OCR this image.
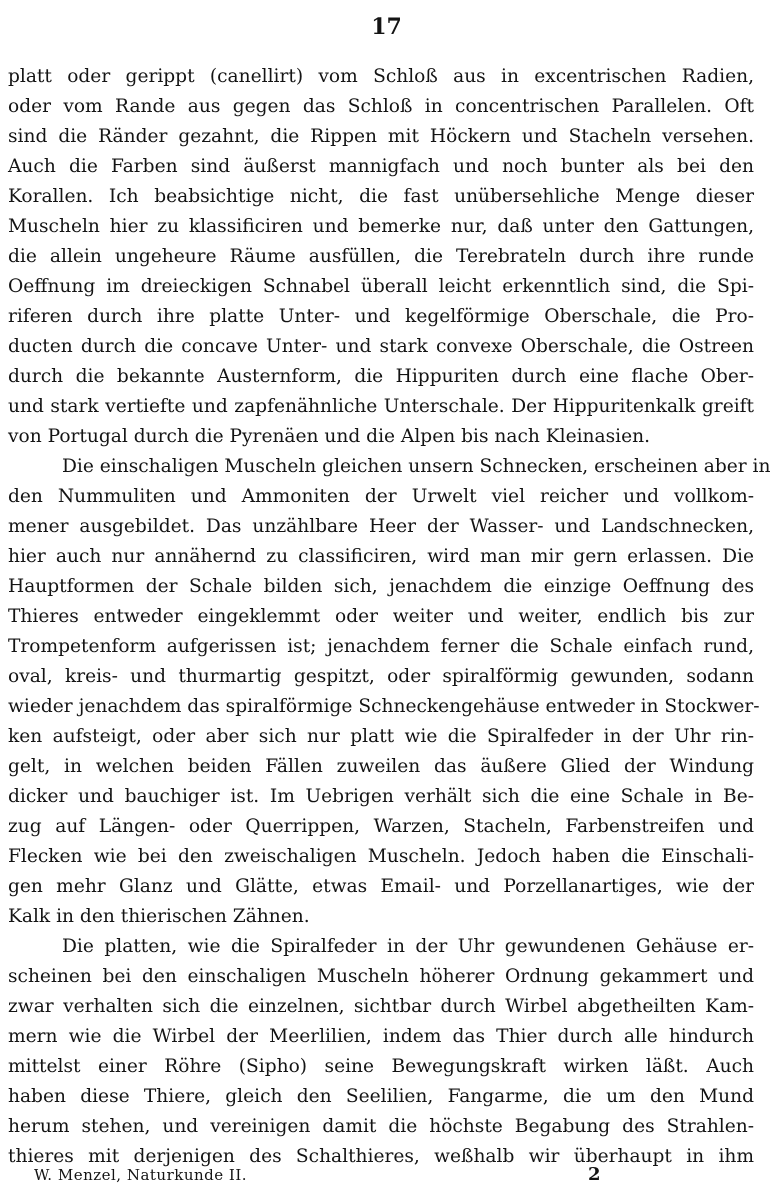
17
platt oder gerippt (canellirt) vom Schloß aus in excentrischen Radien,
oder vom Rande aus gegen das Schloß in concentrischen Parallelen. Oft
sind die Ränder gezahnt, die Rippen mit Höckern und Stacheln versehen.
Auch die Farben sind äußerst mannigfach und noch bunter als bei den
Korallen. Ich beabsichtige nicht, die fast unübersehliche Menge dieser
Muscheln hier zu klassificiren und bemerke nur, daß unter den Gattungen,
die allein ungeheure Räume ausfüllen, die Terebrateln durch ihre runde
Oeffnung im dreieckigen Schnabel überall leicht erkenntlich sind, die Spi-
riferen durch ihre platte Unter- und kegelförmige Oberschale, die Pro-
ducten durch die concave Unter- und stark convexe Oberschale, die Ostreen
durch die bekannte Austernform, die Hippuriten durch eine flache Ober-
und stark vertiefte und zapfenähnliche Unterschale. Der Hippuritenkalk greift
von Portugal durch die Pyrenäen und die Alpen bis nach Kleinasien.
Die einschaligen Muscheln gleichen unsern Schnecken, erscheinen aber in
den Nummuliten und Ammoniten der Urwelt viel reicher und vollkom-
mener ausgebildet. Das unzählbare Heer der Wasser- und Landschnecken,
hier auch nur annähernd zu classificiren, wird man mir gern erlassen. Die
Hauptformen der Schale bilden sich, jenachdem die einzige Oeffnung des
Thieres entweder eingeklemmt oder weiter und weiter, endlich bis zur
Trompetenform aufgerissen ist; jenachdem ferner die Schale einfach rund,
oval, kreis- und thurmartig gespitzt, oder spiralförmig gewunden, sodann
wieder jenachdem das spiralförmige Schneckengehäuse entweder in Stockwer-
ken aufsteigt, oder aber sich nur platt wie die Spiralfeder in der Uhr rin-
gelt, in welchen beiden Fällen zuweilen das äußere Glied der Windung
dicker und bauchiger ist. Im Uebrigen verhält sich die eine Schale in Be-
zug auf Längen- oder Querrippen, Warzen, Stacheln, Farbenstreifen und
Flecken wie bei den zweischaligen Muscheln. Jedoch haben die Einschali-
gen mehr Glanz und Glätte, etwas Email- und Porzellanartiges, wie der
Kalk in den thierischen Zähnen.
Die platten, wie die Spiralfeder in der Uhr gewundenen Gehäuse er-
scheinen bei den einschaligen Muscheln höherer Ordnung gekammert und
zwar verhalten sich die einzelnen, sichtbar durch Wirbel abgetheilten Kam-
mern wie die Wirbel der Meerlilien, indem das Thier durch alle hindurch
mittelst einer Röhre (Sipho) seine Bewegungskraft wirken läßt. Auch
haben diese Thiere, gleich den Seelilien, Fangarme, die um den Mund
herum stehen, und vereinigen damit die höchste Begabung des Strahlen-
thieres mit derjenigen des Schalthieres, weßhalb wir überhaupt in ihm
W. Menzel, Naturkunde II.	2
